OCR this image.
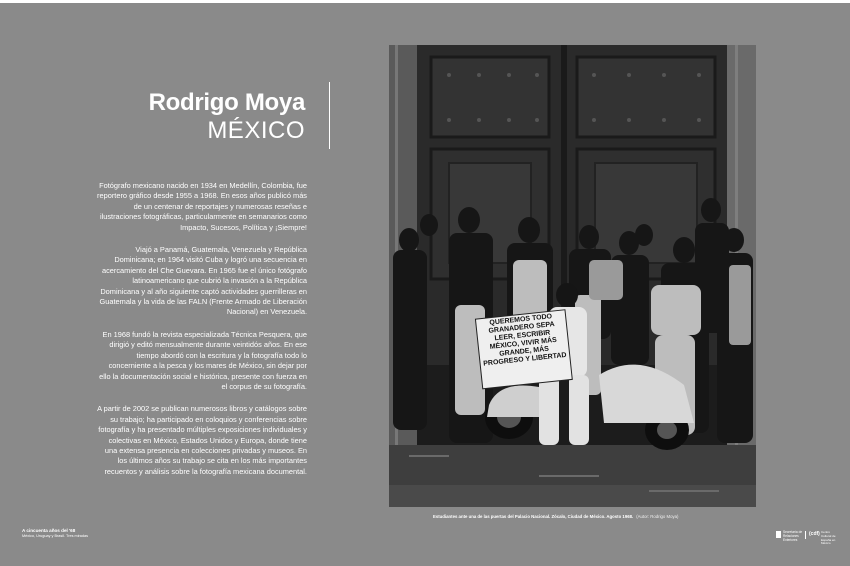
Rodrigo Moya
MÉXICO

Fotógrafo mexicano nacido en 1934 en Medellín, Colombia, fue reportero gráfico desde 1955 a 1968. En esos años publicó más de un centenar de reportajes y numerosas reseñas e ilustraciones fotográficas, particularmente en semanarios como Impacto, Sucesos, Política y ¡Siempre!

Viajó a Panamá, Guatemala, Venezuela y República Dominicana; en 1964 visitó Cuba y logró una secuencia en acercamiento del Che Guevara. En 1965 fue el único fotógrafo latinoamericano que cubrió la invasión a la República Dominicana y al año siguiente captó actividades guerrilleras en Guatemala y la vida de las FALN (Frente Armado de Liberación Nacional) en Venezuela.

En 1968 fundó la revista especializada Técnica Pesquera, que dirigió y editó mensualmente durante veintidós años. En ese tiempo abordó con la escritura y la fotografía todo lo concerniente a la pesca y los mares de México, sin dejar por ello la documentación social e histórica, presente con fuerza en el corpus de su fotografía.

A partir de 2002 se publican numerosos libros y catálogos sobre su trabajo; ha participado en coloquios y conferencias sobre fotografía y ha presentado múltiples exposiciones individuales y colectivas en México, Estados Unidos y Europa, donde tiene una extensa presencia en colecciones privadas y museos. En los últimos años su trabajo se cita en los más importantes recuentos y análisis sobre la fotografía mexicana documental.

QUEREMOS TODO GRANADERO SEPA LEER, ESCRIBIR MÉXICO, VIVIR MÁS GRANDE, MÁS PROGRESO Y LIBERTAD
Estudiantes ante una de las puertas del Palacio Nacional. Zócalo, Ciudad de México. Agosto 1968. (Autor: Rodrigo Moya)
A cincuenta años del '68
México, Uruguay y Brasil. Tres miradas
Secretaría de Relaciones Exteriores
(cdf) Centro Cultural de España en México
